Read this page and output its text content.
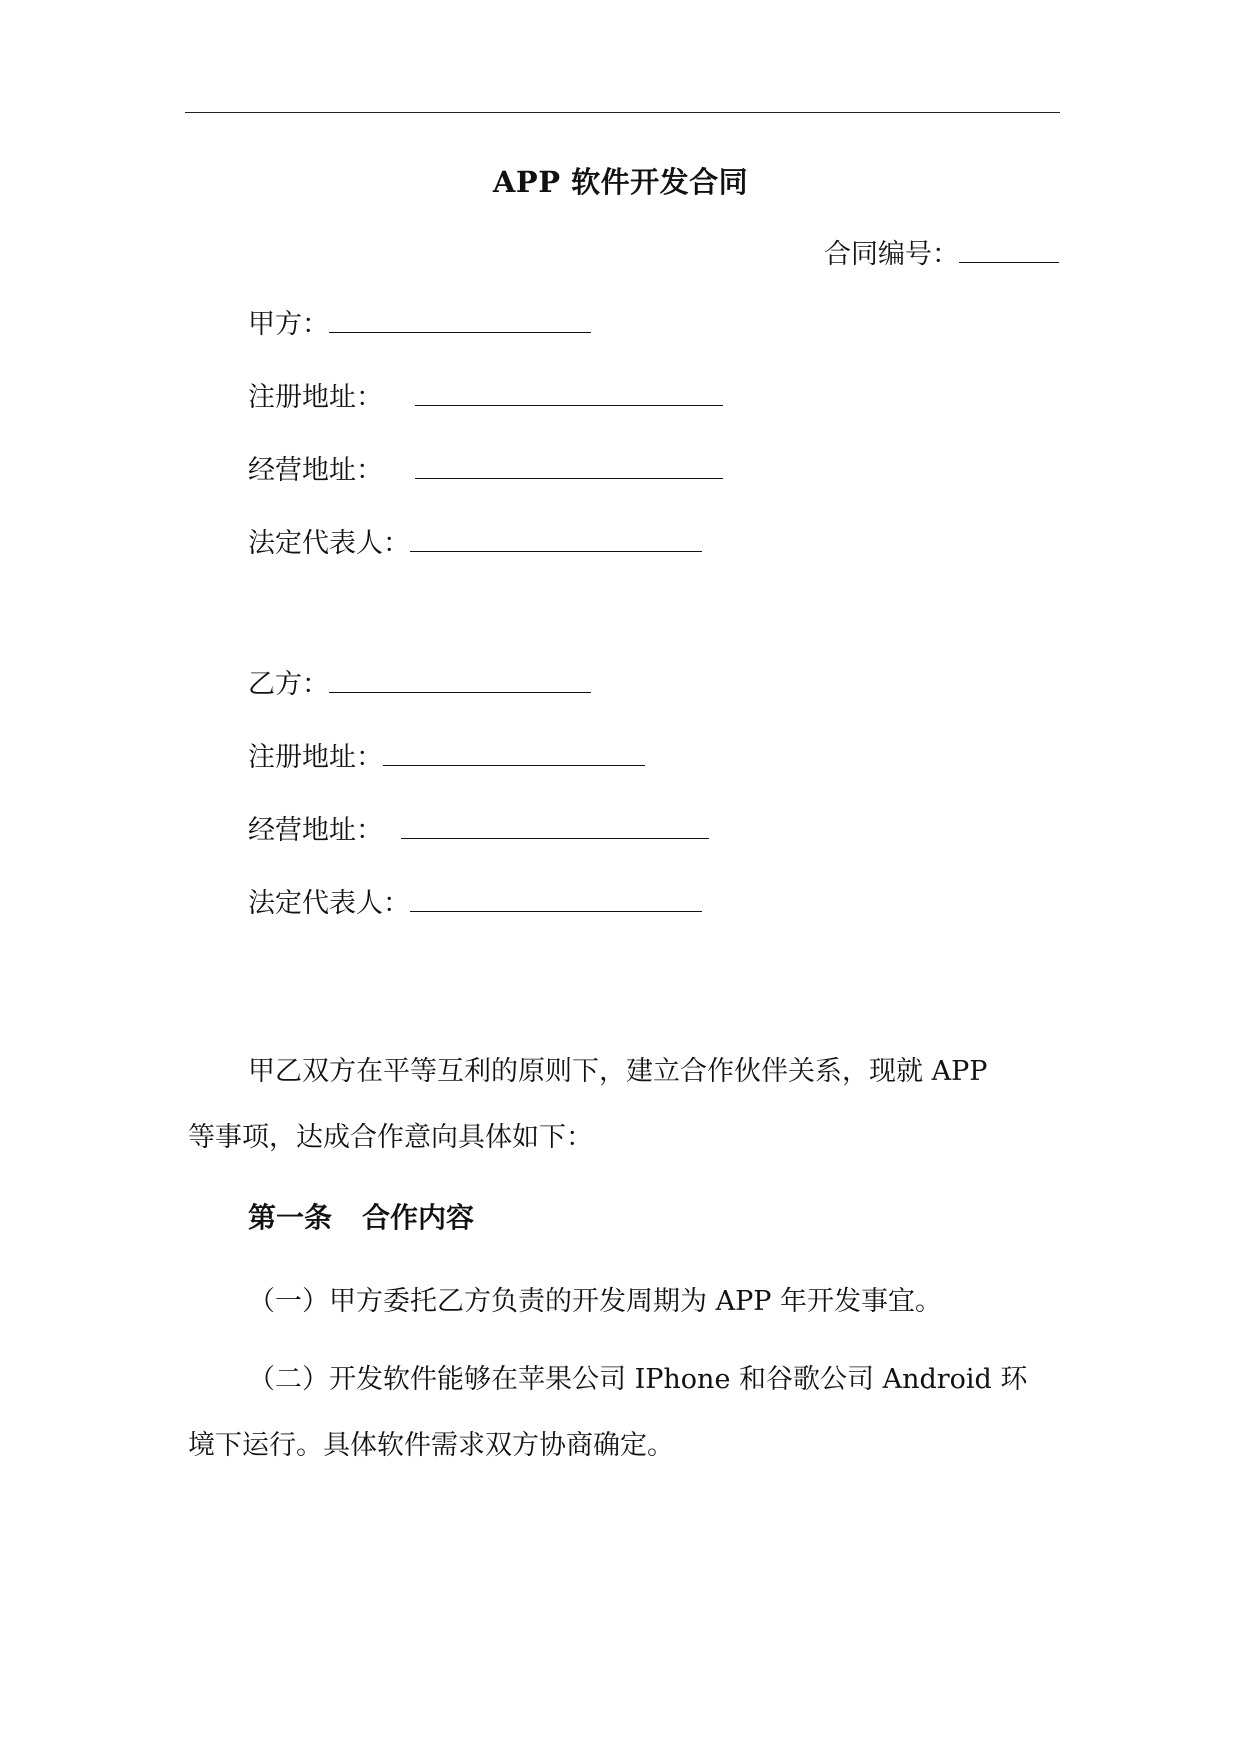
APP 软件开发合同
合同编号：
甲方：
注册地址：
经营地址：
法定代表人：
乙方：
注册地址：
经营地址：
法定代表人：
甲乙双方在平等互利的原则下，建立合作伙伴关系，现就 APP
等事项，达成合作意向具体如下：
第一条 合作内容
（一）甲方委托乙方负责的开发周期为 APP 年开发事宜。
（二）开发软件能够在苹果公司 IPhone 和谷歌公司 Android 环
境下运行。具体软件需求双方协商确定。
